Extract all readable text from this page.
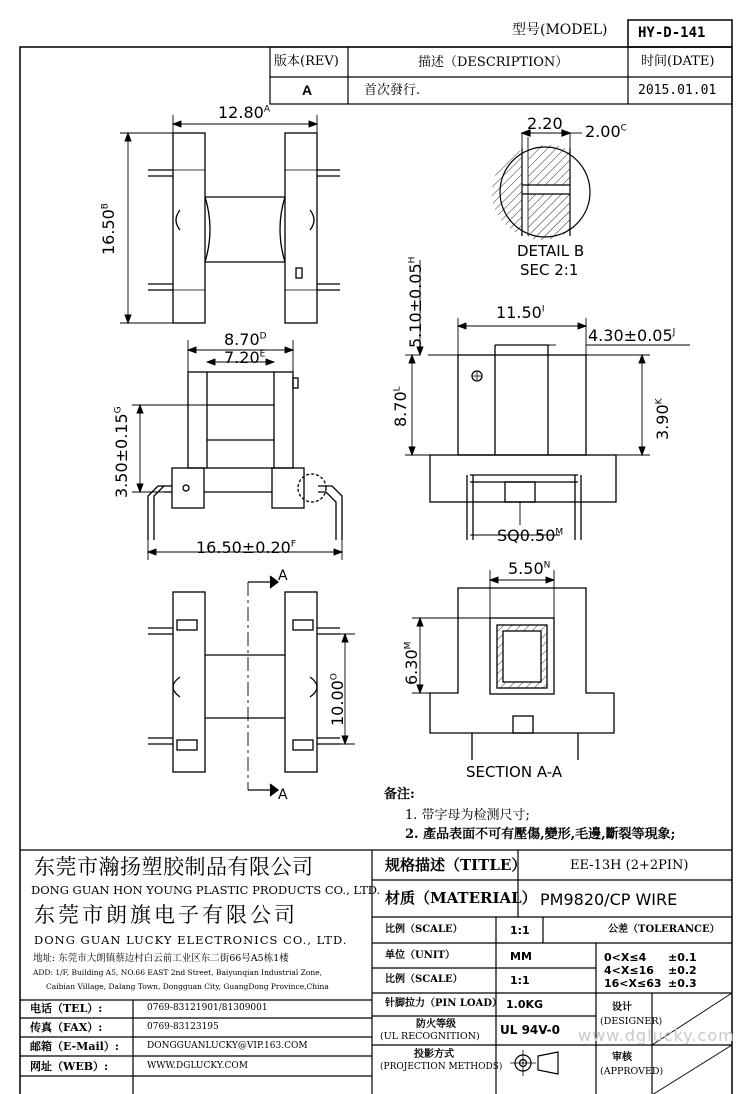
型号(MODEL) HY-D-141
版本(REV)	描述（DESCRIPTION）	时间(DATE)
A	首次發行.	2015.01.01
$12.80^A$
$16.50^B$
2.20 $2.00^C$
DETAIL B
SEC 2:1
$8.70^D$
$7.20^E$
$3.50\pm 0.15^G$
$16.50\pm 0.20^F$
$5.10\pm 0.05^H$
$11.50^I$
$4.30\pm 0.05^J$
$8.70^L$
$3.90^K$
$SQ0.50^M$
$10.00^O$
A
A
$5.50^N$
$6.30^M$
SECTION A-A
备注:
1. 带字母为检测尺寸;
2. 產品表面不可有壓傷,變形,毛邊,斷裂等現象;
东莞市瀚扬塑胶制品有限公司
DONG GUAN HON YOUNG PLASTIC PRODUCTS CO., LTD.
东莞市朗旗电子有限公司
DONG GUAN LUCKY ELECTRONICS CO., LTD.
地址: 东莞市大朗镇蔡边村白云前工业区东二街66号A5栋1楼
ADD: 1/F, Building A5, NO.66 EAST 2nd Street, Baiyunqian Industrial Zone,
Caibian Village, Dalang Town, Dongguan City, GuangDong Province,China
电话（TEL）:	0769-83121901/81309001
传真（FAX）:	0769-83123195
邮箱（E-Mail）:	DONGGUANLUCKY@VIP.163.COM
网址（WEB）:	WWW.DGLUCKY.COM
规格描述（TITLE）	EE-13H (2+2PIN)
材质（MATERIAL） PM9820/CP WIRE
比例（SCALE）	1:1	公差（TOLERANCE）
单位（UNIT）	MM	0<X≤4 ±0.1
4<X≤16 ±0.2
16<X≤63 ±0.3
比例（SCALE）	1:1
针脚拉力（PIN LOAD） 1.0KG
防火等级
(UL RECOGNITION) UL 94V-0
投影方式
(PROJECTION METHODS)
设计
(DESIGNER)
审核
(APPROVED)
www.dglucky.com
